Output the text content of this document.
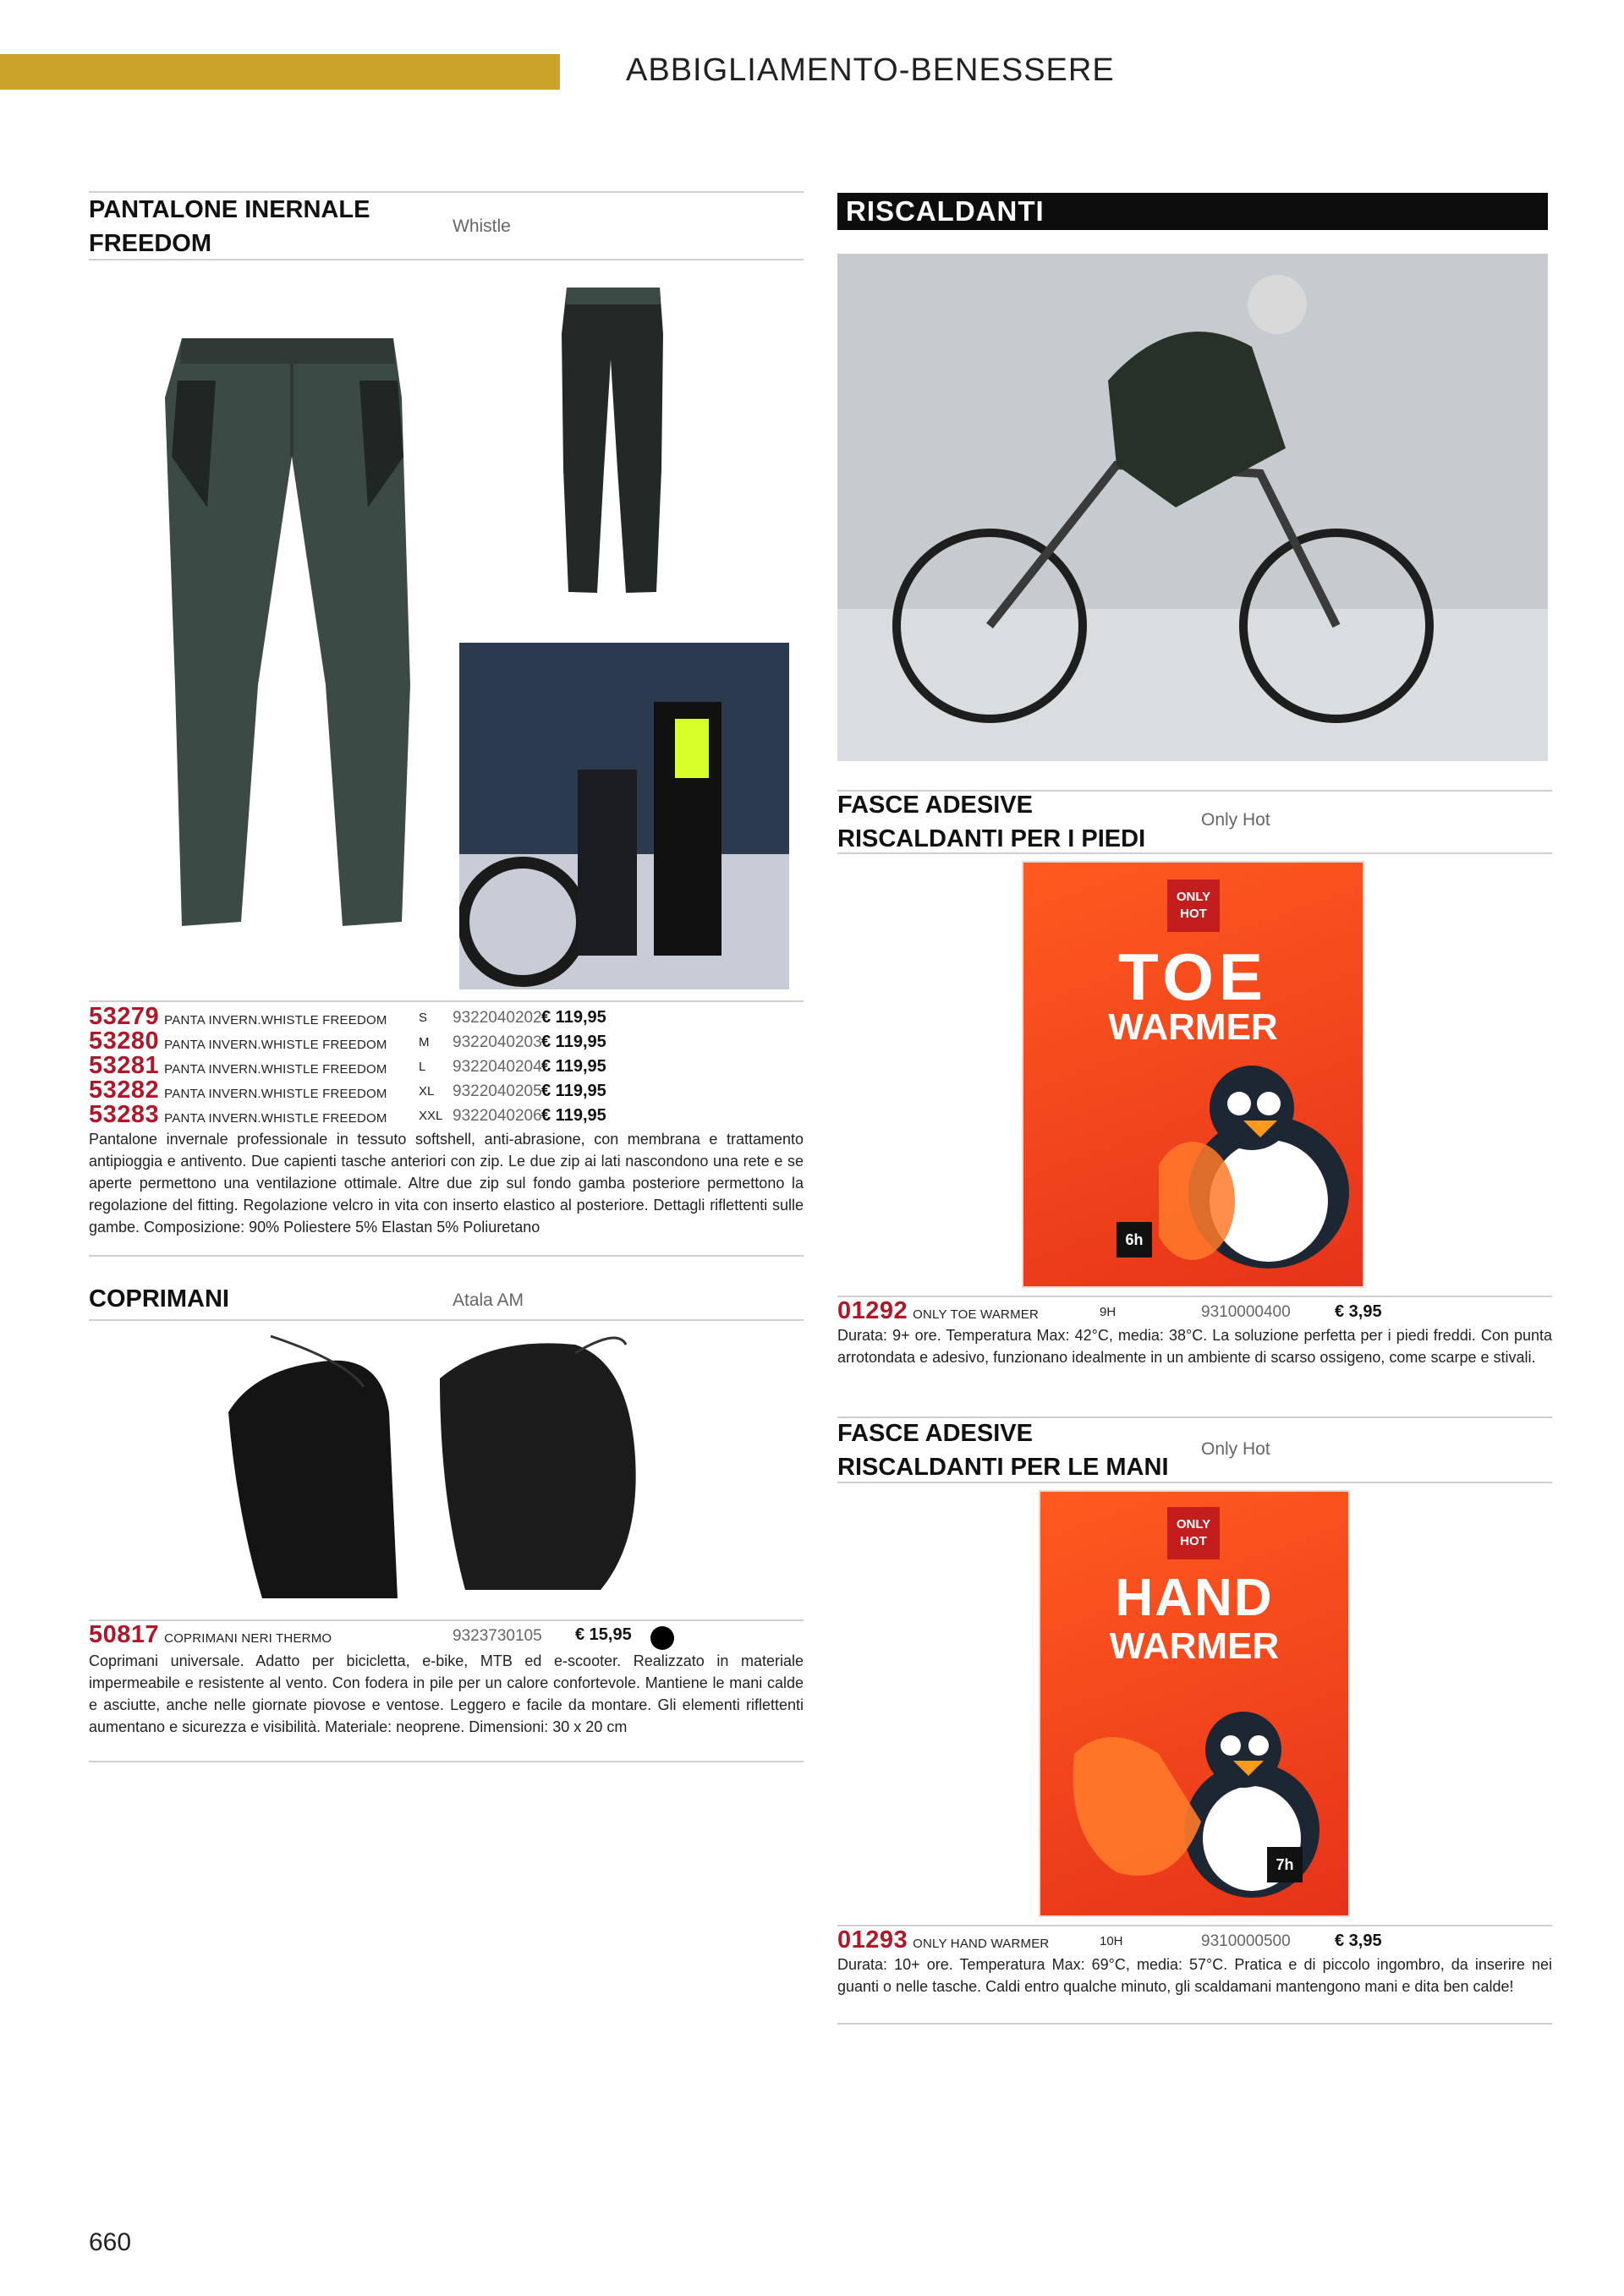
ABBIGLIAMENTO-BENESSERE
PANTALONE INERNALE
FREEDOM
Whistle
53279 PANTA INVERN.WHISTLE FREEDOM S 9322040202 € 119,95
53280 PANTA INVERN.WHISTLE FREEDOM M 9322040203 € 119,95
53281 PANTA INVERN.WHISTLE FREEDOM L 9322040204 € 119,95
53282 PANTA INVERN.WHISTLE FREEDOM XL 9322040205 € 119,95
53283 PANTA INVERN.WHISTLE FREEDOM XXL 9322040206 € 119,95
Pantalone invernale professionale in tessuto softshell, anti-abrasione, con membrana e trattamento antipioggia e antivento. Due capienti tasche anteriori con zip. Le due zip ai lati nascondono una rete e se aperte permettono una ventilazione ottimale. Altre due zip sul fondo gamba posteriore permettono la regolazione del fitting. Regolazione velcro in vita con inserto elastico al posteriore. Dettagli riflettenti sulle gambe. Composizione: 90% Poliestere 5% Elastan 5% Poliuretano
COPRIMANI	Atala AM
50817 COPRIMANI NERI THERMO	9323730105 € 15,95
Coprimani universale. Adatto per bicicletta, e-bike, MTB ed e-scooter. Realizzato in materiale impermeabile e resistente al vento. Con fodera in pile per un calore confortevole. Mantiene le mani calde e asciutte, anche nelle giornate piovose e ventose. Leggero e facile da montare. Gli elementi riflettenti aumentano e sicurezza e visibilità. Materiale: neoprene. Dimensioni: 30 x 20 cm
RISCALDANTI
FASCE ADESIVE
RISCALDANTI PER I PIEDI
Only Hot
ONLY
HOT
TOE
WARMER
6h
01292 ONLY TOE WARMER	9H	9310000400	€ 3,95
Durata: 9+ ore. Temperatura Max: 42°C, media: 38°C. La soluzione perfetta per i piedi freddi. Con punta arrotondata e adesivo, funzionano idealmente in un ambiente di scarso ossigeno, come scarpe e stivali.
FASCE ADESIVE
RISCALDANTI PER LE MANI
Only Hot
ONLY
HOT
HAND
WARMER
7h
01293 ONLY HAND WARMER	10H	9310000500	€ 3,95
Durata: 10+ ore. Temperatura Max: 69°C, media: 57°C. Pratica e di piccolo ingombro, da inserire nei guanti o nelle tasche. Caldi entro qualche minuto, gli scaldamani mantengono mani e dita ben calde!
660
